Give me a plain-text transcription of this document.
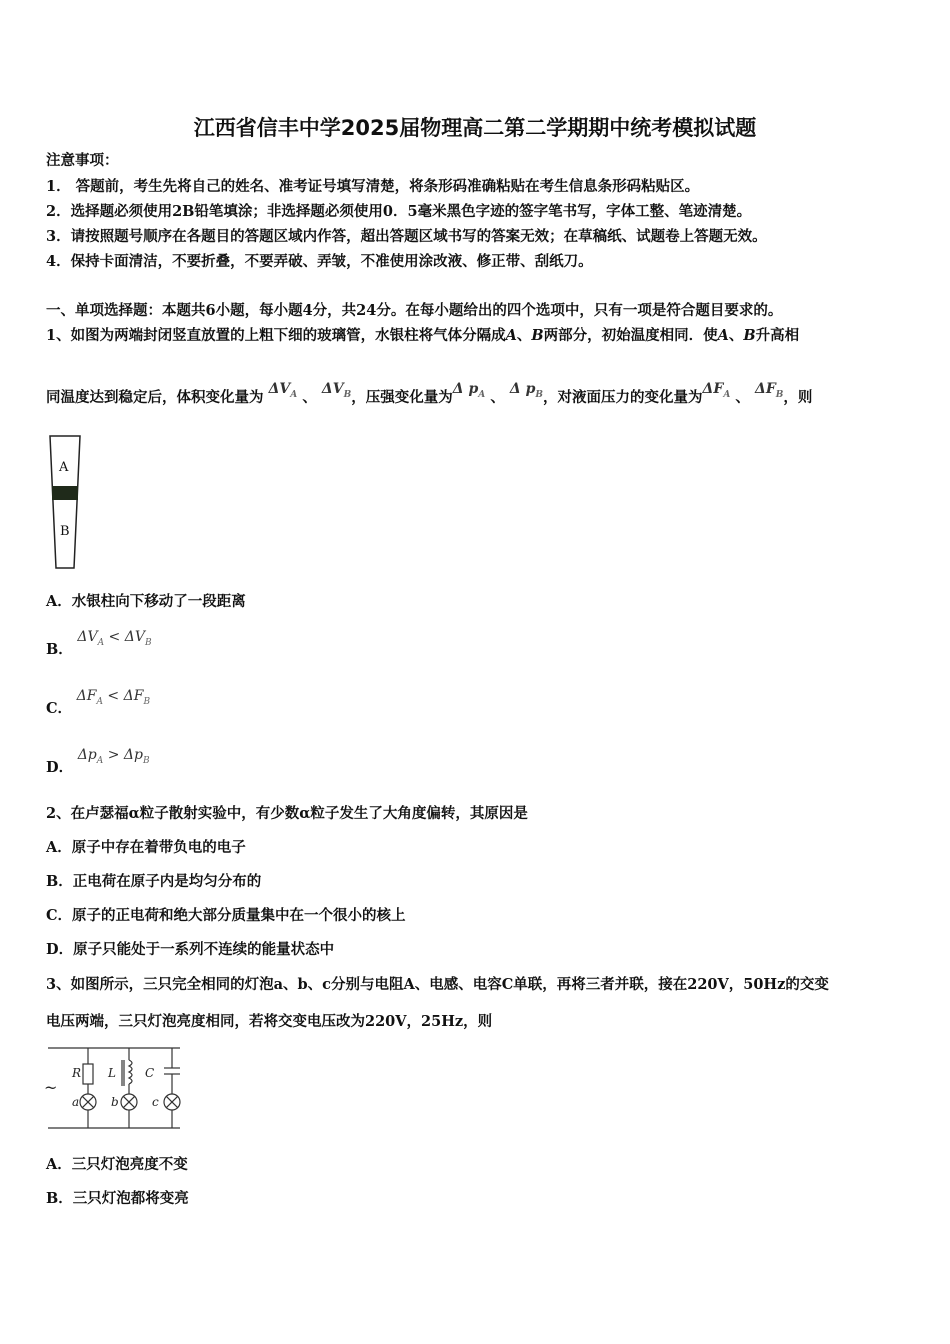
江西省信丰中学2025届物理高二第二学期期中统考模拟试题
注意事项：
1． 答题前，考生先将自己的姓名、准考证号填写清楚，将条形码准确粘贴在考生信息条形码粘贴区。
2．选择题必须使用2B铅笔填涂；非选择题必须使用0．5毫米黑色字迹的签字笔书写，字体工整、笔迹清楚。
3．请按照题号顺序在各题目的答题区域内作答，超出答题区域书写的答案无效；在草稿纸、试题卷上答题无效。
4．保持卡面清洁，不要折叠，不要弄破、弄皱，不准使用涂改液、修正带、刮纸刀。
一、单项选择题：本题共6小题，每小题4分，共24分。在每小题给出的四个选项中，只有一项是符合题目要求的。
1、如图为两端封闭竖直放置的上粗下细的玻璃管，水银柱将气体分隔成A、B两部分，初始温度相同．使A、B升高相
同温度达到稳定后，体积变化量为 $\Delta V_A$ 、 $\Delta V_B$，压强变化量为Δ $p_A$ 、 Δ $p_B$，对液面压力的变化量为$\Delta F_A$ 、 $\Delta F_B$，则
A
B
A．水银柱向下移动了一段距离
B． $\Delta V_A < \Delta V_B$
C． $\Delta F_A < \Delta F_B$
D． $\Delta p_A > \Delta p_B$
2、在卢瑟福α粒子散射实验中，有少数α粒子发生了大角度偏转，其原因是
A．原子中存在着带负电的电子
B．正电荷在原子内是均匀分布的
C．原子的正电荷和绝大部分质量集中在一个很小的核上
D．原子只能处于一系列不连续的能量状态中
3、如图所示，三只完全相同的灯泡a、b、c分别与电阻A、电感、电容C单联，再将三者并联，接在220V，50Hz的交变
电压两端，三只灯泡亮度相同，若将交变电压改为220V，25Hz，则
~
R L C
a	b	c
A．三只灯泡亮度不变
B．三只灯泡都将变亮
